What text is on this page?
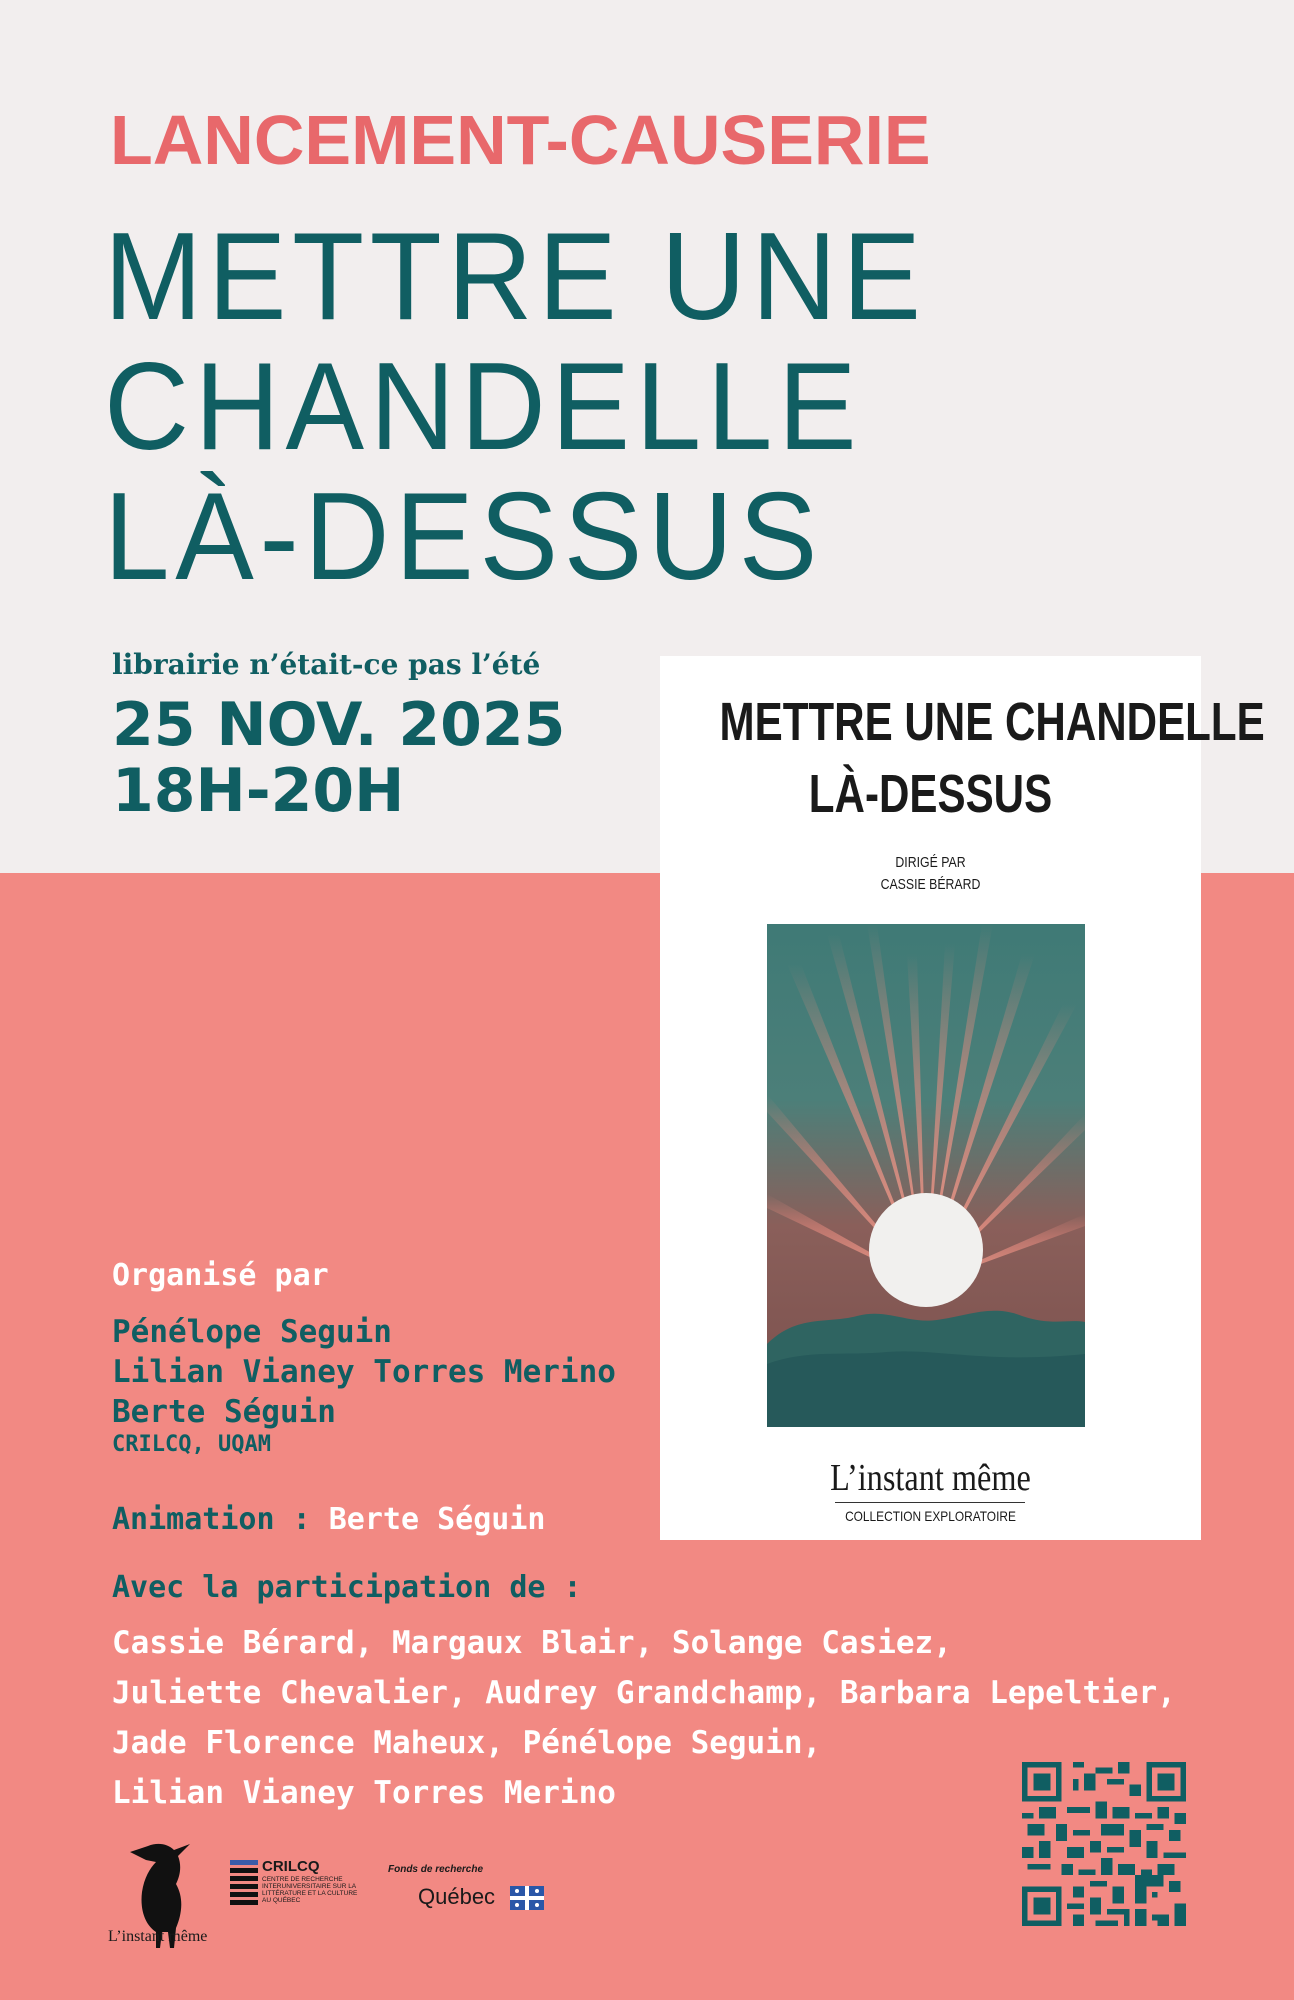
LANCEMENT-CAUSERIE
METTRE UNE
CHANDELLE
LÀ-DESSUS
librairie n’était-ce pas l’été
25 NOV. 2025
18H-20H
METTRE UNE CHANDELLE
LÀ-DESSUS
DIRIGÉ PAR
CASSIE BÉRARD
L’instant même
COLLECTION EXPLORATOIRE
Organisé par
Pénélope Seguin
Lilian Vianey Torres Merino
Berte Séguin
CRILCQ, UQAM
Animation : Berte Séguin
Avec la participation de :
Cassie Bérard, Margaux Blair, Solange Casiez,
Juliette Chevalier, Audrey Grandchamp, Barbara Lepeltier,
Jade Florence Maheux, Pénélope Seguin,
Lilian Vianey Torres Merino
L’instant même
CRILCQ
CENTRE DE RECHERCHE INTERUNIVERSITAIRE SUR LA LITTÉRATURE ET LA CULTURE AU QUÉBEC
Fonds de recherche
Québec
